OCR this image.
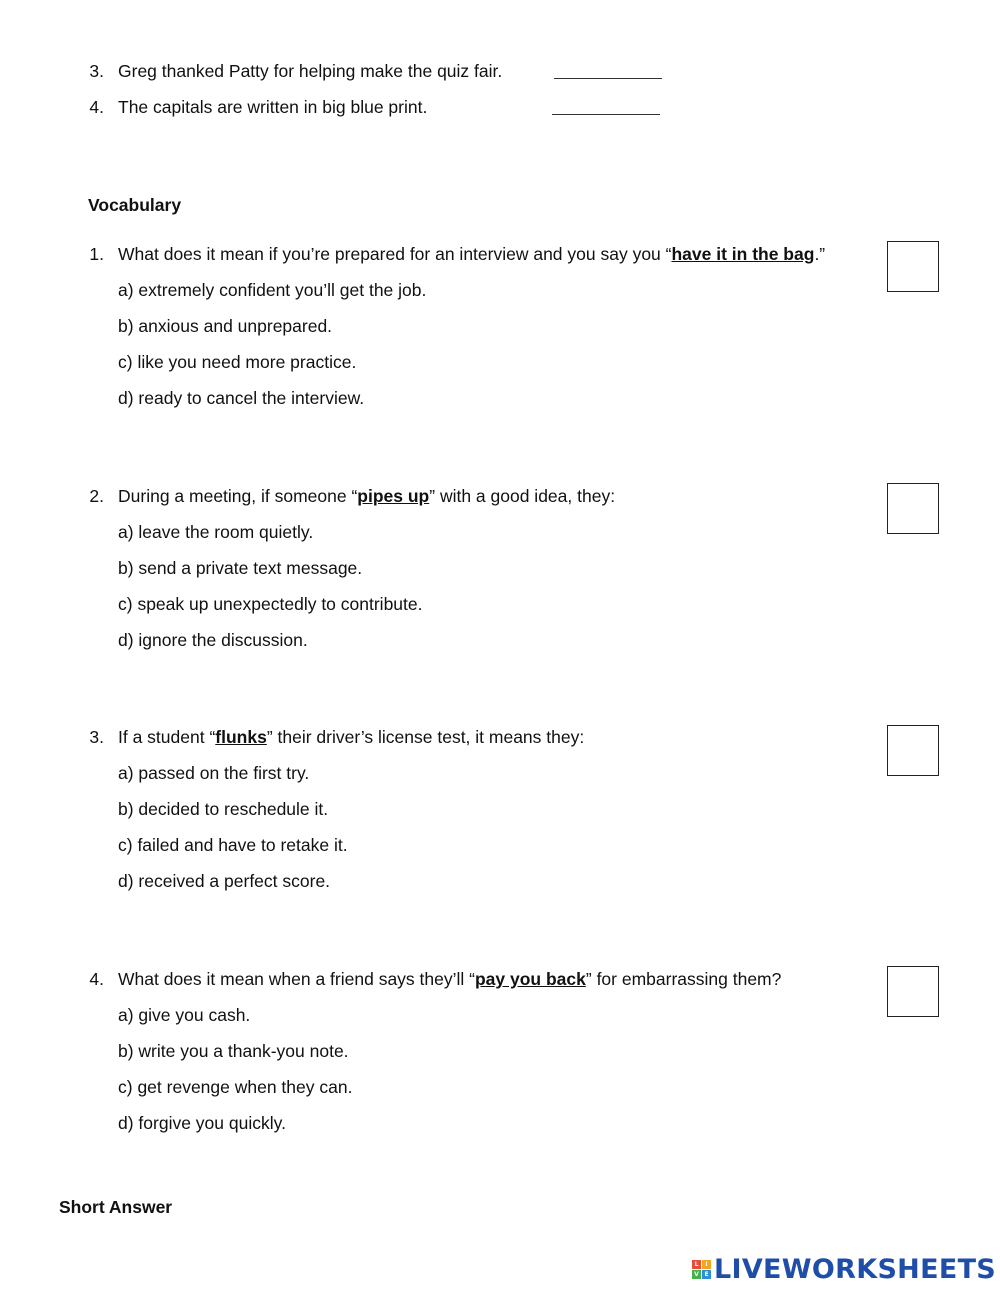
3. Greg thanked Patty for helping make the quiz fair.
4. The capitals are written in big blue print.
Vocabulary
1. What does it mean if you’re prepared for an interview and you say you “have it in the bag.”
a) extremely confident you’ll get the job.
b) anxious and unprepared.
c) like you need more practice.
d) ready to cancel the interview.
2. During a meeting, if someone “pipes up” with a good idea, they:
a) leave the room quietly.
b) send a private text message.
c) speak up unexpectedly to contribute.
d) ignore the discussion.
3. If a student “flunks” their driver’s license test, it means they:
a) passed on the first try.
b) decided to reschedule it.
c) failed and have to retake it.
d) received a perfect score.
4. What does it mean when a friend says they’ll “pay you back” for embarrassing them?
a) give you cash.
b) write you a thank-you note.
c) get revenge when they can.
d) forgive you quickly.
Short Answer
L	I
V E LIVEWORKSHEETS
